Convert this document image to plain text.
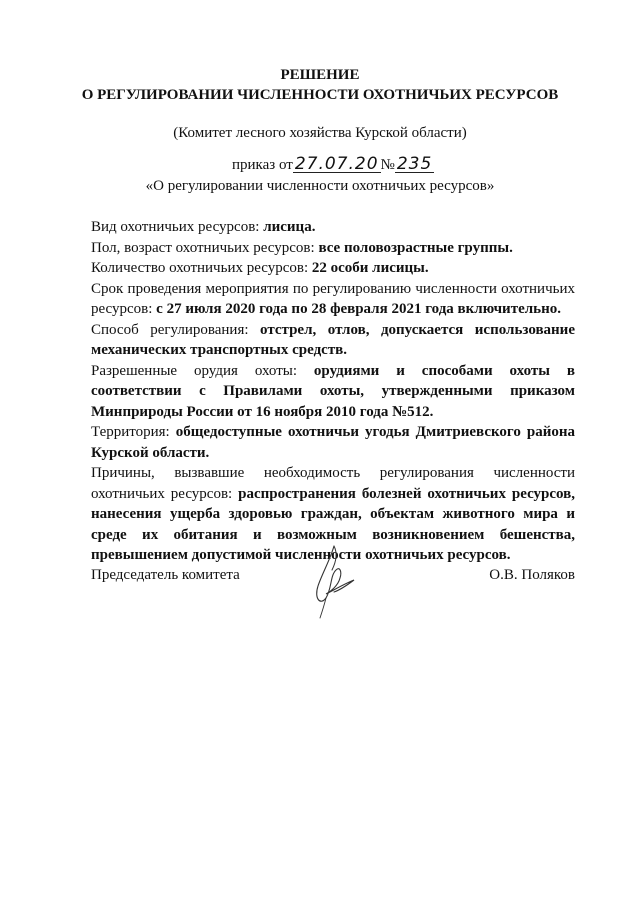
РЕШЕНИЕ
О РЕГУЛИРОВАНИИ ЧИСЛЕННОСТИ ОХОТНИЧЬИХ РЕСУРСОВ
(Комитет лесного хозяйства Курской области)
приказ от 27.07.20 № 235
«О регулировании численности охотничьих ресурсов»

Вид охотничьих ресурсов: лисица.

Пол, возраст охотничьих ресурсов: все половозрастные группы.

Количество охотничьих ресурсов: 22 особи лисицы.

Срок проведения мероприятия по регулированию численности охотничьих ресурсов: с 27 июля 2020 года по 28 февраля 2021 года включительно.

Способ регулирования: отстрел, отлов, допускается использование механических транспортных средств.

Разрешенные орудия охоты: орудиями и способами охоты в соответствии с Правилами охоты, утвержденными приказом Минприроды России от 16 ноября 2010 года №512.

Территория: общедоступные охотничьи угодья Дмитриевского района Курской области.

Причины, вызвавшие необходимость регулирования численности охотничьих ресурсов: распространения болезней охотничьих ресурсов, нанесения ущерба здоровью граждан, объектам животного мира и среде их обитания и возможным возникновением бешенства, превышением допустимой численности охотничьих ресурсов.

Председатель комитета	О.В. Поляков
